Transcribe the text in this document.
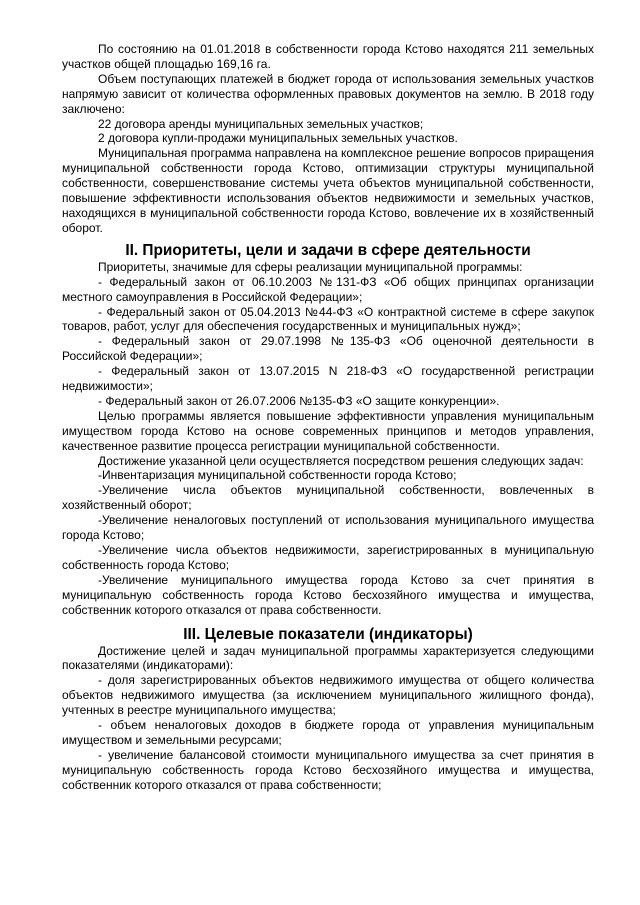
По состоянию на 01.01.2018 в собственности города Кстово находятся 211 земельных участков общей площадью 169,16 га.

Объем поступающих платежей в бюджет города от использования земельных участков напрямую зависит от количества оформленных правовых документов на землю. В 2018 году заключено:

22 договора аренды муниципальных земельных участков;

2 договора купли-продажи муниципальных земельных участков.

Муниципальная программа направлена на комплексное решение вопросов приращения муниципальной собственности города Кстово, оптимизации структуры муниципальной собственности, совершенствование системы учета объектов муниципальной собственности, повышение эффективности использования объектов недвижимости и земельных участков, находящихся в муниципальной собственности города Кстово, вовлечение их в хозяйственный оборот.

II. Приоритеты, цели и задачи в сфере деятельности

Приоритеты, значимые для сферы реализации муниципальной программы:

- Федеральный закон от 06.10.2003 №131-ФЗ «Об общих принципах организации местного самоуправления в Российской Федерации»;

- Федеральный закон от 05.04.2013 №44-ФЗ «О контрактной системе в сфере закупок товаров, работ, услуг для обеспечения государственных и муниципальных нужд»;

- Федеральный закон от 29.07.1998 №135-ФЗ «Об оценочной деятельности в Российской Федерации»;

- Федеральный закон от 13.07.2015 N 218-ФЗ «О государственной регистрации недвижимости»;

- Федеральный закон от 26.07.2006 №135-ФЗ «О защите конкуренции».

Целью программы является повышение эффективности управления муниципальным имуществом города Кстово на основе современных принципов и методов управления, качественное развитие процесса регистрации муниципальной собственности.

Достижение указанной цели осуществляется посредством решения следующих задач:

-Инвентаризация муниципальной собственности города Кстово;

-Увеличение числа объектов муниципальной собственности, вовлеченных в хозяйственный оборот;

-Увеличение неналоговых поступлений от использования муниципального имущества города Кстово;

-Увеличение числа объектов недвижимости, зарегистрированных в муниципальную собственность города Кстово;

-Увеличение муниципального имущества города Кстово за счет принятия в муниципальную собственность города Кстово бесхозяйного имущества и имущества, собственник которого отказался от права собственности.

III. Целевые показатели (индикаторы)

Достижение целей и задач муниципальной программы характеризуется следующими показателями (индикаторами):

- доля зарегистрированных объектов недвижимого имущества от общего количества объектов недвижимого имущества (за исключением муниципального жилищного фонда), учтенных в реестре муниципального имущества;

- объем неналоговых доходов в бюджете города от управления муниципальным имуществом и земельными ресурсами;

- увеличение балансовой стоимости муниципального имущества за счет принятия в муниципальную собственность города Кстово бесхозяйного имущества и имущества, собственник которого отказался от права собственности;
